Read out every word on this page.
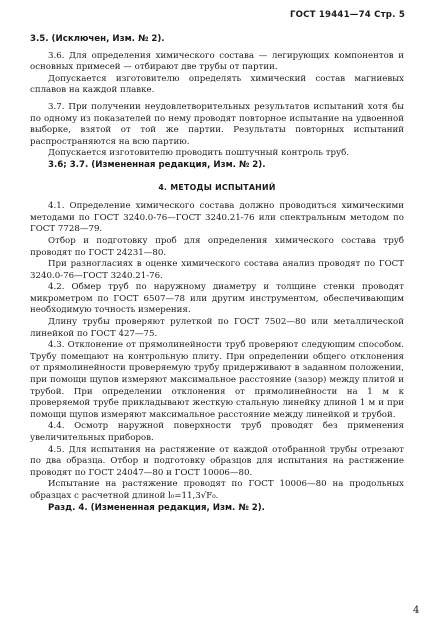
ГОСТ 19441—74 Стр. 5

3.5. (Исключен, Изм. № 2).

3.6. Для определения химического состава — легирующих компонентов и основных примесей — отбирают две трубы от партии.

Допускается изготовителю определять химический состав магниевых сплавов на каждой плавке.

3.7. При получении неудовлетворительных результатов испытаний хотя бы по одному из показателей по нему проводят повторное испытание на удвоенной выборке, взятой от той же партии. Результаты повторных испытаний распространяются на всю партию.

Допускается изготовителю проводить поштучный контроль труб.

3.6; 3.7. (Измененная редакция, Изм. № 2).

4. МЕТОДЫ ИСПЫТАНИЙ

4.1. Определение химического состава должно проводиться химическими методами по ГОСТ 3240.0-76—ГОСТ 3240.21-76 или спектральным методом по ГОСТ 7728—79.

Отбор и подготовку проб для определения химического состава труб проводят по ГОСТ 24231—80.

При разногласиях в оценке химического состава анализ проводят по ГОСТ 3240.0-76—ГОСТ 3240.21-76.

4.2. Обмер труб по наружному диаметру и толщине стенки проводят микрометром по ГОСТ 6507—78 или другим инструментом, обеспечивающим необходимую точность измерения.

Длину трубы проверяют рулеткой по ГОСТ 7502—80 или металлической линейкой по ГОСТ 427—75.

4.3. Отклонение от прямолинейности труб проверяют следующим способом. Трубу помещают на контрольную плиту. При определении общего отклонения от прямолинейности проверяемую трубу придерживают в заданном положении, при помощи щупов измеряют максимальное расстояние (зазор) между плитой и трубой. При определении отклонения от прямолинейности на 1 м к проверяемой трубе прикладывают жесткую стальную линейку длиной 1 м и при помощи щупов измеряют максимальное расстояние между линейкой и трубой.

4.4. Осмотр наружной поверхности труб проводят без применения увеличительных приборов.

4.5. Для испытания на растяжение от каждой отобранной трубы отрезают по два образца. Отбор и подготовку образцов для испытания на растяжение проводят по ГОСТ 24047—80 и ГОСТ 10006—80.

Испытание на растяжение проводят по ГОСТ 10006—80 на продольных образцах с расчетной длиной l₀=11,3√F₀.

Разд. 4. (Измененная редакция, Изм. № 2).

4
